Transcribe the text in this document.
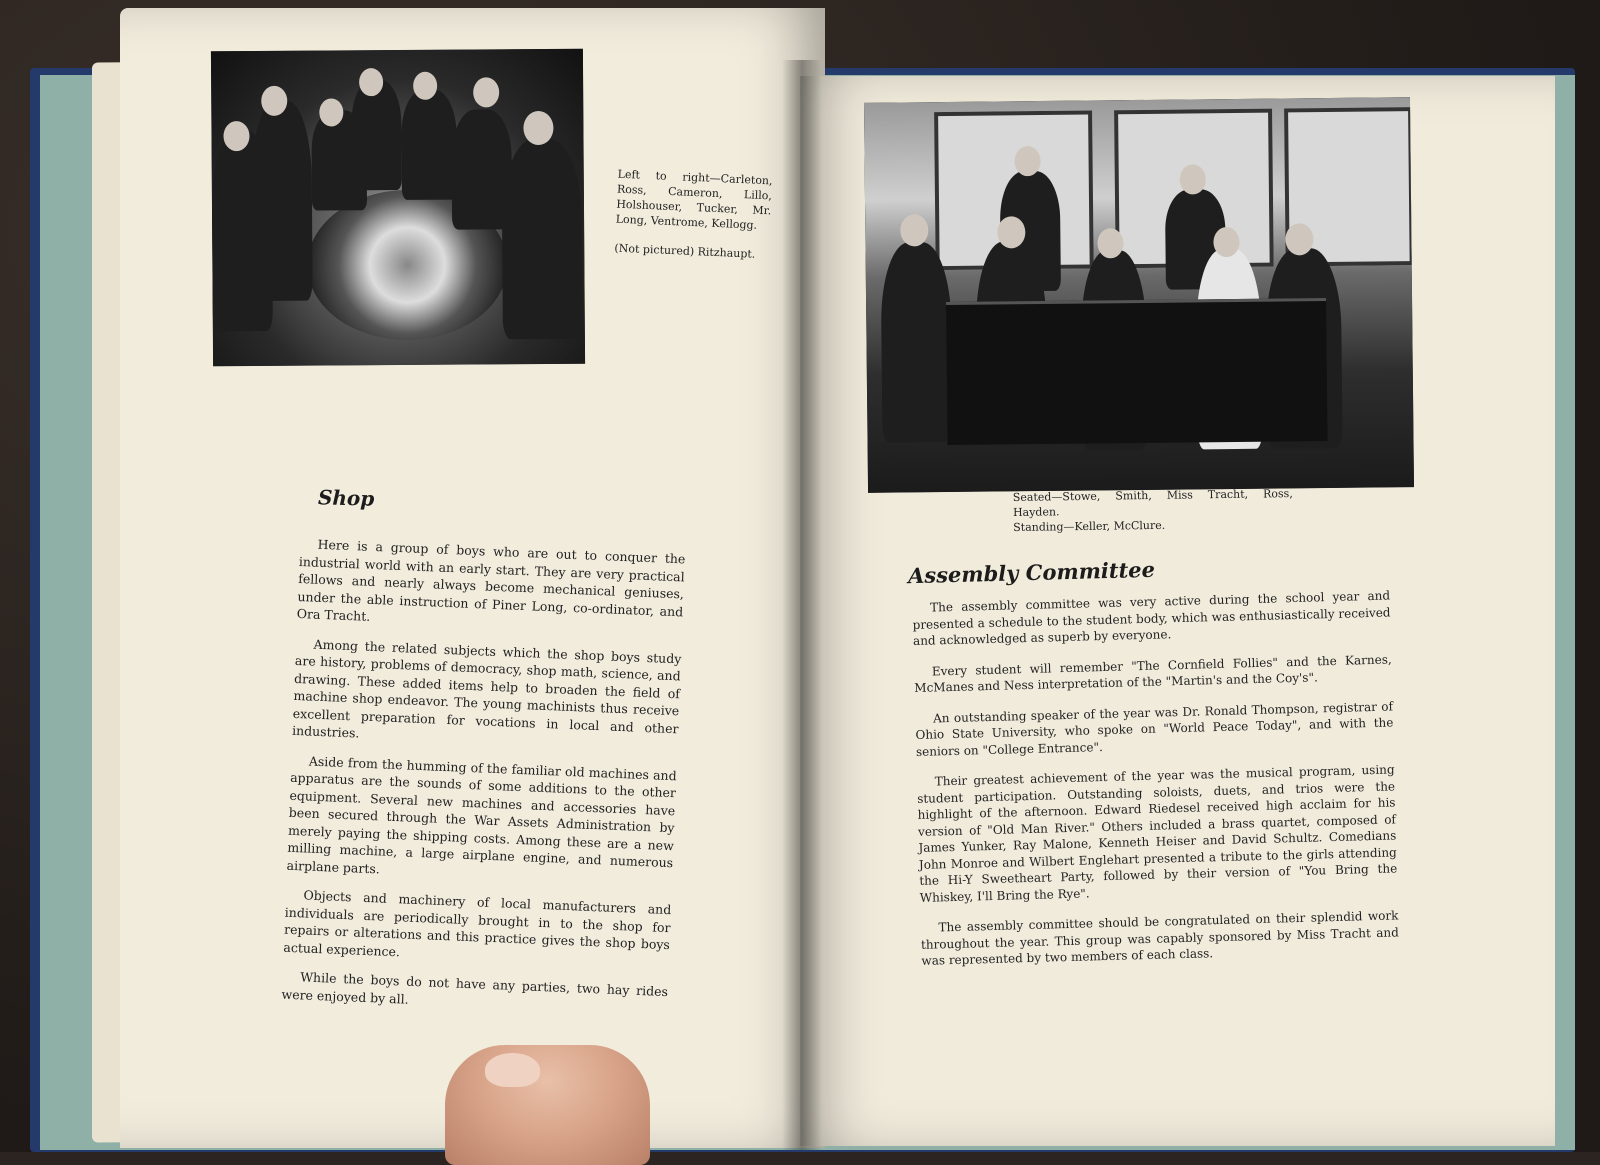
Left to right—Carleton, Ross, Cameron, Lillo, Holshouser, Tucker, Mr. Long, Ventrome, Kellogg.
(Not pictured) Ritzhaupt.
Shop

Here is a group of boys who are out to conquer the industrial world with an early start. They are very practical fellows and nearly always become mechanical geniuses, under the able instruction of Piner Long, co-ordinator, and Ora Tracht.

Among the related subjects which the shop boys study are history, problems of democracy, shop math, science, and drawing. These added items help to broaden the field of machine shop endeavor. The young machinists thus receive excellent preparation for vocations in local and other industries.

Aside from the humming of the familiar old machines and apparatus are the sounds of some additions to the other equipment. Several new machines and accessories have been secured through the War Assets Administration by merely paying the shipping costs. Among these are a new milling machine, a large airplane engine, and numerous airplane parts.

Objects and machinery of local manufacturers and individuals are periodically brought in to the shop for repairs or alterations and this practice gives the shop boys actual experience.

While the boys do not have any parties, two hay rides were enjoyed by all.

Seated—Stowe, Smith, Miss Tracht, Ross, Hayden.
Standing—Keller, McClure.
Assembly Committee

The assembly committee was very active during the school year and presented a schedule to the student body, which was enthusiastically received and acknowledged as superb by everyone.

Every student will remember "The Cornfield Follies" and the Karnes, McManes and Ness interpretation of the "Martin's and the Coy's".

An outstanding speaker of the year was Dr. Ronald Thompson, registrar of Ohio State University, who spoke on "World Peace Today", and with the seniors on "College Entrance".

Their greatest achievement of the year was the musical program, using student participation. Outstanding soloists, duets, and trios were the highlight of the afternoon. Edward Riedesel received high acclaim for his version of "Old Man River." Others included a brass quartet, composed of James Yunker, Ray Malone, Kenneth Heiser and David Schultz. Comedians John Monroe and Wilbert Englehart presented a tribute to the girls attending the Hi-Y Sweetheart Party, followed by their version of "You Bring the Whiskey, I'll Bring the Rye".

The assembly committee should be congratulated on their splendid work throughout the year. This group was capably sponsored by Miss Tracht and was represented by two members of each class.
